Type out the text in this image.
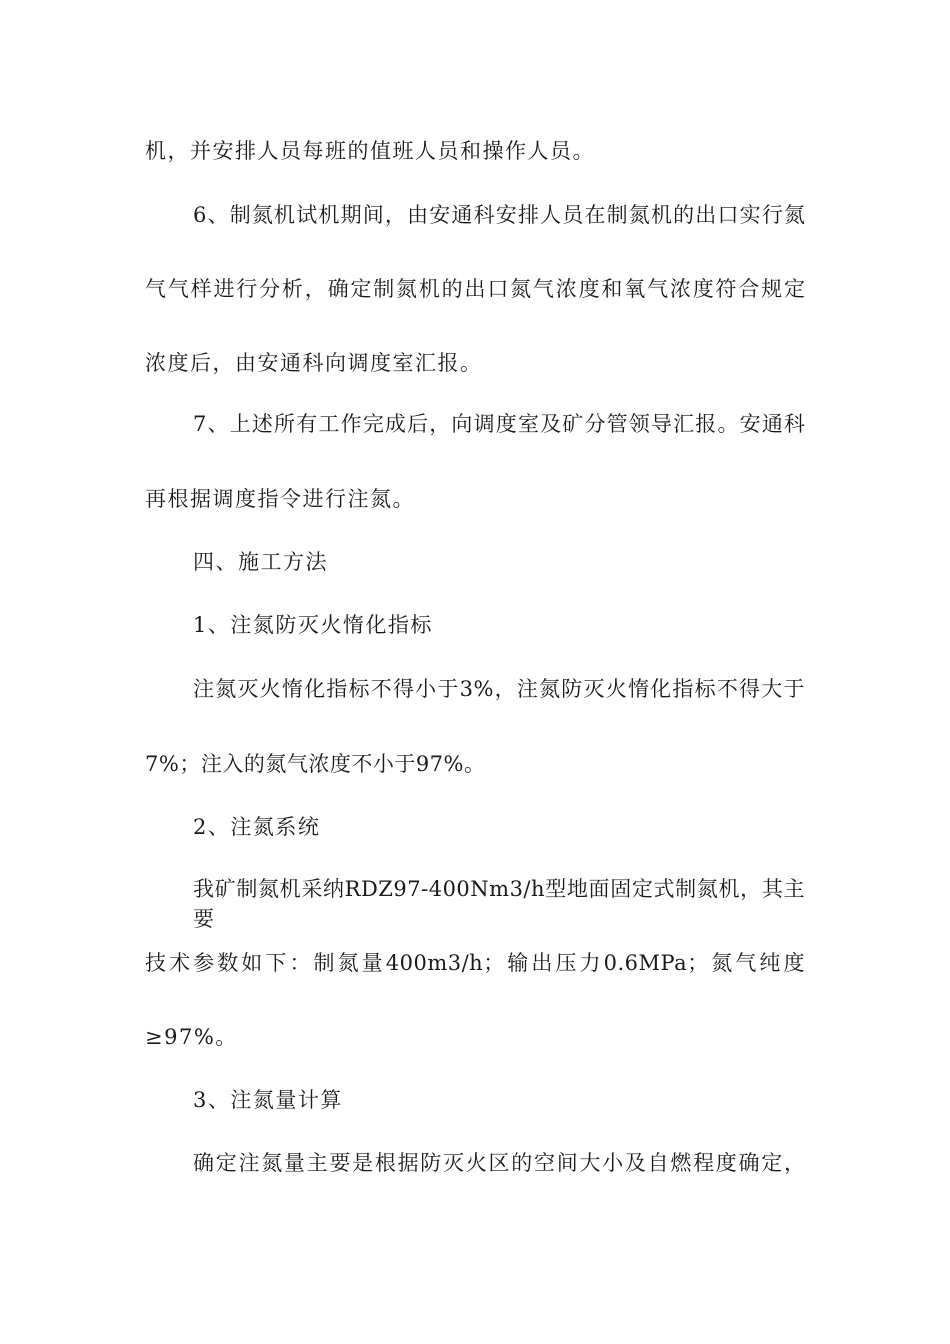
机，并安排人员每班的值班人员和操作人员。
6、制氮机试机期间，由安通科安排人员在制氮机的出口实行氮
气气样进行分析，确定制氮机的出口氮气浓度和氧气浓度符合规定
浓度后，由安通科向调度室汇报。
7、上述所有工作完成后，向调度室及矿分管领导汇报。安通科
再根据调度指令进行注氮。
四、施工方法
1、注氮防灭火惰化指标
注氮灭火惰化指标不得小于3%，注氮防灭火惰化指标不得大于
7%；注入的氮气浓度不小于97%。
2、注氮系统
我矿制氮机采纳RDZ97-400Nm3/h型地面固定式制氮机，其主要
技术参数如下：制氮量400m3/h；输出压力0.6MPa；氮气纯度
≥97%。
3、注氮量计算
确定注氮量主要是根据防灭火区的空间大小及自燃程度确定，
